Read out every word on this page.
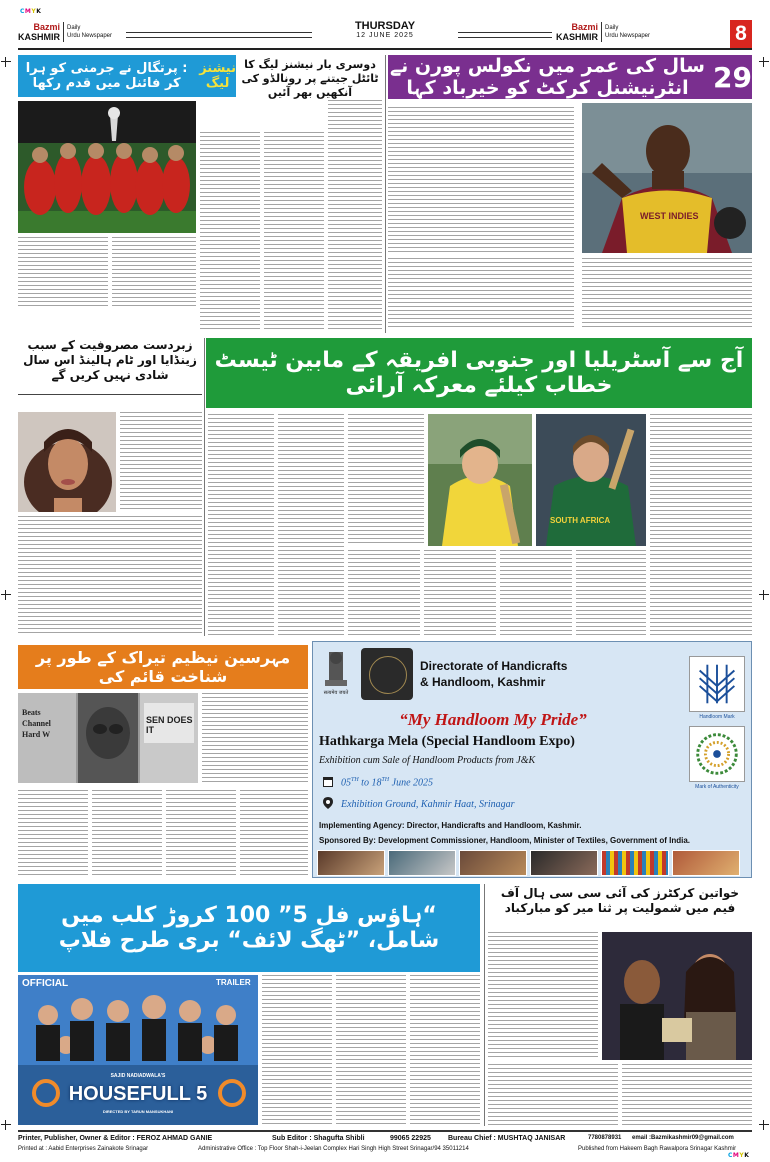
CMYK
CMYK
Bazmi
KASHMIR
Daily
Urdu Newspaper
THURSDAY
12 JUNE 2025
Bazmi
KASHMIR
Daily
Urdu Newspaper	8
29
سال کی عمر میں نکولس پورن نے انٹرنیشنل کرکٹ کو خیرباد کہا
WEST INDIES
نیشنز لیگ
: پرتگال نے جرمنی کو ہرا کر فائنل میں قدم رکھا
دوسری بار نیشنز لیگ کا ٹائٹل جیتنے پر رونالڈو کی آنکھیں بھر آئیں
آج سے آسٹریلیا اور جنوبی افریقہ کے مابین ٹیسٹ خطاب کیلئے معرکہ آرائی
زبردست مصروفیت کے سبب زینڈایا اور ٹام ہالینڈ اس سال شادی نہیں کریں گے
SOUTH AFRICA
مہرسین نیظیم تیراک کے طور پر شناخت قائم کی
Beats
Channel
Hard W
SEN DOES IT
सत्यमेव जयते
Directorate of Handicrafts
& Handloom, Kashmir
“My Handloom My Pride”
Hathkarga Mela (Special Handloom Expo)
Exhibition cum Sale of Handloom Products from J&K
05TH to 18TH June 2025
Exhibition Ground, Kahmir Haat, Srinagar
Implementing Agency: Director, Handicrafts and Handloom, Kashmir.
Sponsored By: Development Commissioner, Handloom, Minister of Textiles, Government of India.
Handloom Mark
Mark of Authenticity
“ہاؤس فل 5” 100 کروڑ کلب میں شامل، ”ٹھگ لائف“ بری طرح فلاپ
OFFICIAL	TRAILER
SAJID NADIADWALA'S
HOUSEFULL 5
DIRECTED BY TARUN MANSUKHANI
خواتین کرکٹرز کی آئی سی سی ہال آف فیم میں شمولیت پر ثنا میر کو مبارکباد
Printer, Publisher, Owner & Editor : FEROZ AHMAD GANIE	Sub Editor : Shagufta Shibli	99065 22925 Bureau Chief : MUSHTAQ JANISAR	7780878931 email :Bazmikashmir09@gmail.com
Printed at : Aabid Enterprises Zainakote Srinagar	Administrative Office : Top Floor Shah-i-Jeelan Complex Hari Singh High Street Srinagar/94 35011214	Published from Hakeem Bagh Rawalpora Srinagar Kashmir
